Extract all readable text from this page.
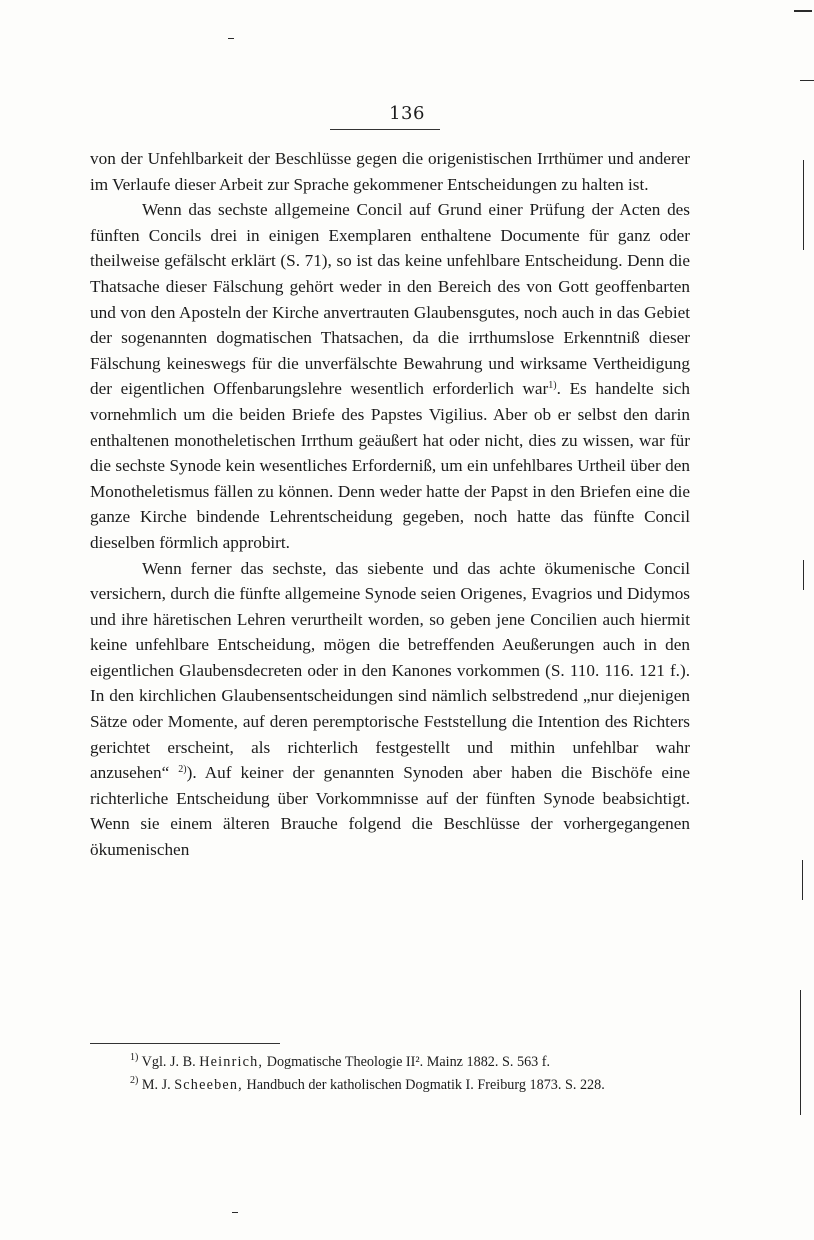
136

von der Unfehlbarkeit der Beschlüsse gegen die origenistischen Irrthümer und anderer im Verlaufe dieser Arbeit zur Sprache gekommener Entscheidungen zu halten ist.

Wenn das sechste allgemeine Concil auf Grund einer Prüfung der Acten des fünften Concils drei in einigen Exemplaren enthaltene Documente für ganz oder theilweise gefälscht erklärt (S. 71), so ist das keine unfehlbare Entscheidung. Denn die Thatsache dieser Fälschung gehört weder in den Bereich des von Gott geoffenbarten und von den Aposteln der Kirche anvertrauten Glaubensgutes, noch auch in das Gebiet der sogenannten dogmatischen Thatsachen, da die irrthumslose Erkenntniß dieser Fälschung keineswegs für die unverfälschte Bewahrung und wirksame Vertheidigung der eigentlichen Offenbarungslehre wesentlich erforderlich war$^{1)}$. Es handelte sich vornehmlich um die beiden Briefe des Papstes Vigilius. Aber ob er selbst den darin enthaltenen monotheletischen Irrthum geäußert hat oder nicht, dies zu wissen, war für die sechste Synode kein wesentliches Erforderniß, um ein unfehlbares Urtheil über den Monotheletismus fällen zu können. Denn weder hatte der Papst in den Briefen eine die ganze Kirche bindende Lehrentscheidung gegeben, noch hatte das fünfte Concil dieselben förmlich approbirt.

Wenn ferner das sechste, das siebente und das achte ökumenische Concil versichern, durch die fünfte allgemeine Synode seien Origenes, Evagrios und Didymos und ihre häretischen Lehren verurtheilt worden, so geben jene Concilien auch hiermit keine unfehlbare Entscheidung, mögen die betreffenden Aeußerungen auch in den eigentlichen Glaubensdecreten oder in den Kanones vorkommen (S. 110. 116. 121 f.). In den kirchlichen Glaubensentscheidungen sind nämlich selbstredend „nur diejenigen Sätze oder Momente, auf deren peremptorische Feststellung die Intention des Richters gerichtet erscheint, als richterlich festgestellt und mithin unfehlbar wahr anzusehen“ $^{2)}$). Auf keiner der genannten Synoden aber haben die Bischöfe eine richterliche Entscheidung über Vorkommnisse auf der fünften Synode beabsichtigt. Wenn sie einem älteren Brauche folgend die Beschlüsse der vorhergegangenen ökumenischen

$^{1)}$ Vgl. J. B. Heinrich, Dogmatische Theologie II². Mainz 1882. S. 563 f.

$^{2)}$ M. J. Scheeben, Handbuch der katholischen Dogmatik I. Freiburg 1873. S. 228.
